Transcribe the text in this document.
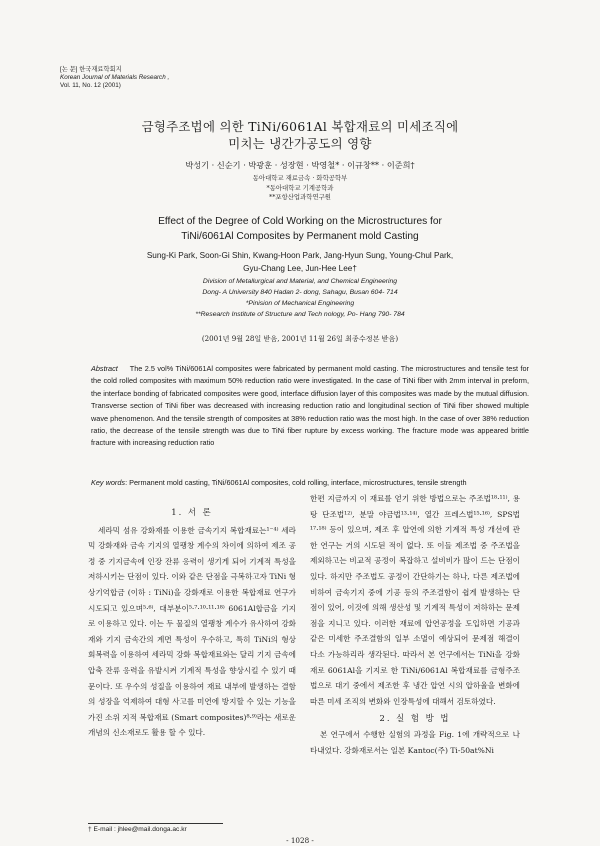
[논 문] 한국재료학회지
Korean Journal of Materials Research ,
Vol. 11, No. 12 (2001)
금형주조법에 의한 TiNi/6061Al 복합재료의 미세조직에
미치는 냉간가공도의 영향
박성기 · 신순기 · 박광훈 · 성장현 · 박영철* · 이규창** · 이준희†
동아대학교 재료금속 · 화학공학부
*동아대학교 기계공학과
**포항산업과학연구원
Effect of the Degree of Cold Working on the Microstructures for
TiNi/6061Al Composites by Permanent mold Casting
Sung-Ki Park, Soon-Gi Shin, Kwang-Hoon Park, Jang-Hyun Sung, Young-Chul Park,
Gyu-Chang Lee, Jun-Hee Lee†
Division of Metallurgical and Material, and Chemical Engineering
Dong- A University 840 Hadan 2- dong, Sahagu, Busan 604- 714
*Pinision of Mechanical Engineering
**Research Institute of Structure and Tech nology, Po- Hang 790- 784
(2001년 9월 28일 받음, 2001년 11월 26일 최종수정본 받음)
Abstract The 2.5 vol% TiNi/6061Al composites were fabricated by permanent mold casting. The microstructures and tensile test for the cold rolled composites with maximum 50% reduction ratio were investigated. In the case of TiNi fiber with 2mm interval in preform, the interface bonding of fabricated composites were good, interface diffusion layer of this composites was made by the mutual diffusion. Transverse section of TiNi fiber was decreased with increasing reduction ratio and longitudinal section of TiNi fiber showed multiple wave phenomenon. And the tensile strength of composites at 38% reduction ratio was the most high. In the case of over 38% reduction ratio, the decrease of the tensile strength was due to TiNi fiber rupture by excess working. The fracture mode was appeared brittle fracture with increasing reduction ratio
Key words: Permanent mold casting, TiNi/6061Al composites, cold rolling, interface, microstructures, tensile strength
1. 서 론

세라믹 섬유 강화재를 이용한 금속기지 복합재료는¹⁻⁴⁾ 세라믹 강화재와 금속 기지의 열팽창 계수의 차이에 의하여 제조 공정 중 기지금속에 인장 잔류 응력이 생기게 되어 기계적 특성을 저하시키는 단점이 있다. 이와 같은 단점을 극복하고자 TiNi 형상기억합금 (이하 : TiNi)을 강화재로 이용한 복합재료 연구가 시도되고 있으며⁵·⁶⁾, 대부분이⁵·⁷·¹⁰·¹¹·¹⁸⁾ 6061Al합금을 기지로 이용하고 있다. 이는 두 물질의 열팽창 계수가 유사하여 강화재와 기지 금속간의 계면 특성이 우수하고, 특히 TiNi의 형상 회복력을 이용하여 세라믹 강화 복합재료와는 달리 기지 금속에 압축 잔류 응력을 유발시켜 기계적 특성을 향상시킬 수 있기 때문이다. 또 우수의 성질을 이용하여 재료 내부에 발생하는 결함의 성장을 억제하여 대형 사고를 미연에 방지할 수 있는 기능을 가진 소위 지적 복합재료 (Smart composites)⁸·⁹⁾라는 새로운 개념의 신소재로도 활용 할 수 있다.

한편 지금까지 이 재료를 얻기 위한 방법으로는 주조법¹⁸·¹¹⁾, 용탕 단조법¹²⁾, 분말 야금법¹³·¹⁴⁾, 열간 프레스법¹⁵·¹⁶⁾, SPS법¹⁷·¹⁸⁾ 등이 있으며, 제조 후 압연에 의한 기계적 특성 개선에 관한 연구는 거의 시도된 적이 없다. 또 이들 제조법 중 주조법을 제외하고는 비교적 공정이 복잡하고 설비비가 많이 드는 단점이 있다. 하지만 주조법도 공정이 간단하기는 하나, 다른 제조법에 비하여 금속기지 중에 기공 등의 주조결함이 쉽게 발생하는 단점이 있어, 이것에 의해 생산성 및 기계적 특성이 저하하는 문제점을 지니고 있다. 이러한 재료에 압연공정을 도입하면 기공과 같은 미세한 주조결함의 일부 소멸이 예상되어 문제점 해결이 다소 가능하리라 생각된다. 따라서 본 연구에서는 TiNi을 강화재로 6061Al을 기지로 한 TiNi/6061Al 복합재료를 금형주조법으로 대기 중에서 제조한 후 냉간 압연 시의 압하율을 변화에 따른 미세 조직의 변화와 인장특성에 대해서 검토하였다.

2. 실 험 방 법

본 연구에서 수행한 실험의 과정을 Fig. 1에 개략적으로 나타내었다. 강화재로서는 일본 Kantoc(주) Ti-50at%Ni

† E-mail : jhlee@mail.donga.ac.kr
- 1028 -
